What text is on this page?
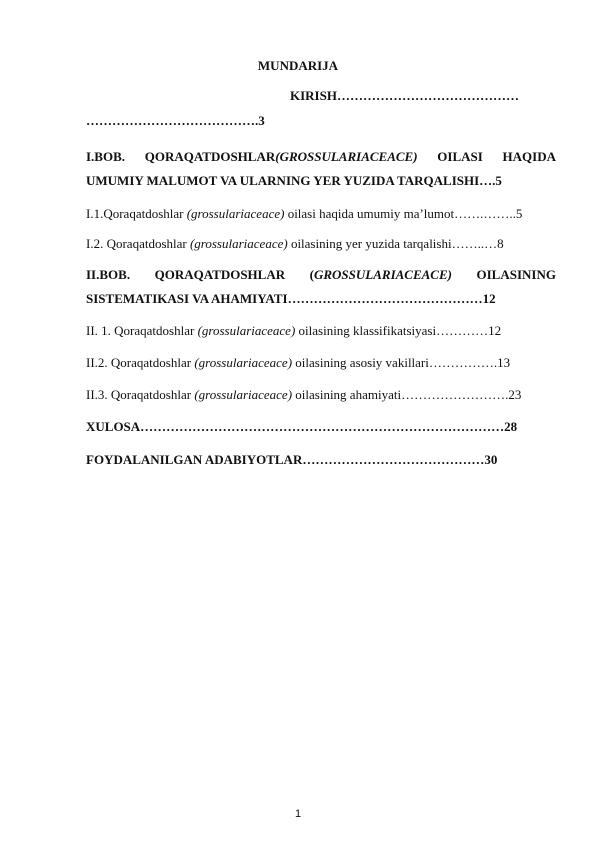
MUNDARIJA
KIRISH……………………………………
………………………………….3
I.BOB. QORAQATDOSHLAR(GROSSULARIACEACE) OILASI HAQIDA
UMUMIY MALUMOT VA ULARNING YER YUZIDA TARQALISHI….5
I.1.Qoraqatdoshlar (grossulariaceace) oilasi haqida umumiy ma’lumot…….……..5
I.2. Qoraqatdoshlar (grossulariaceace) oilasining yer yuzida tarqalishi……..…8
II.BOB. QORAQATDOSHLAR (GROSSULARIACEACE) OILASINING
SISTEMATIKASI VA AHAMIYATI………………………………………12
II. 1. Qoraqatdoshlar (grossulariaceace) oilasining klassifikatsiyasi…………12
II.2. Qoraqatdoshlar (grossulariaceace) oilasining asosiy vakillari…………….13
II.3. Qoraqatdoshlar (grossulariaceace) oilasining ahamiyati…………………….23
XULOSA…………………………………………………………………………28
FOYDALANILGAN ADABIYOTLAR……………………………………30
1
